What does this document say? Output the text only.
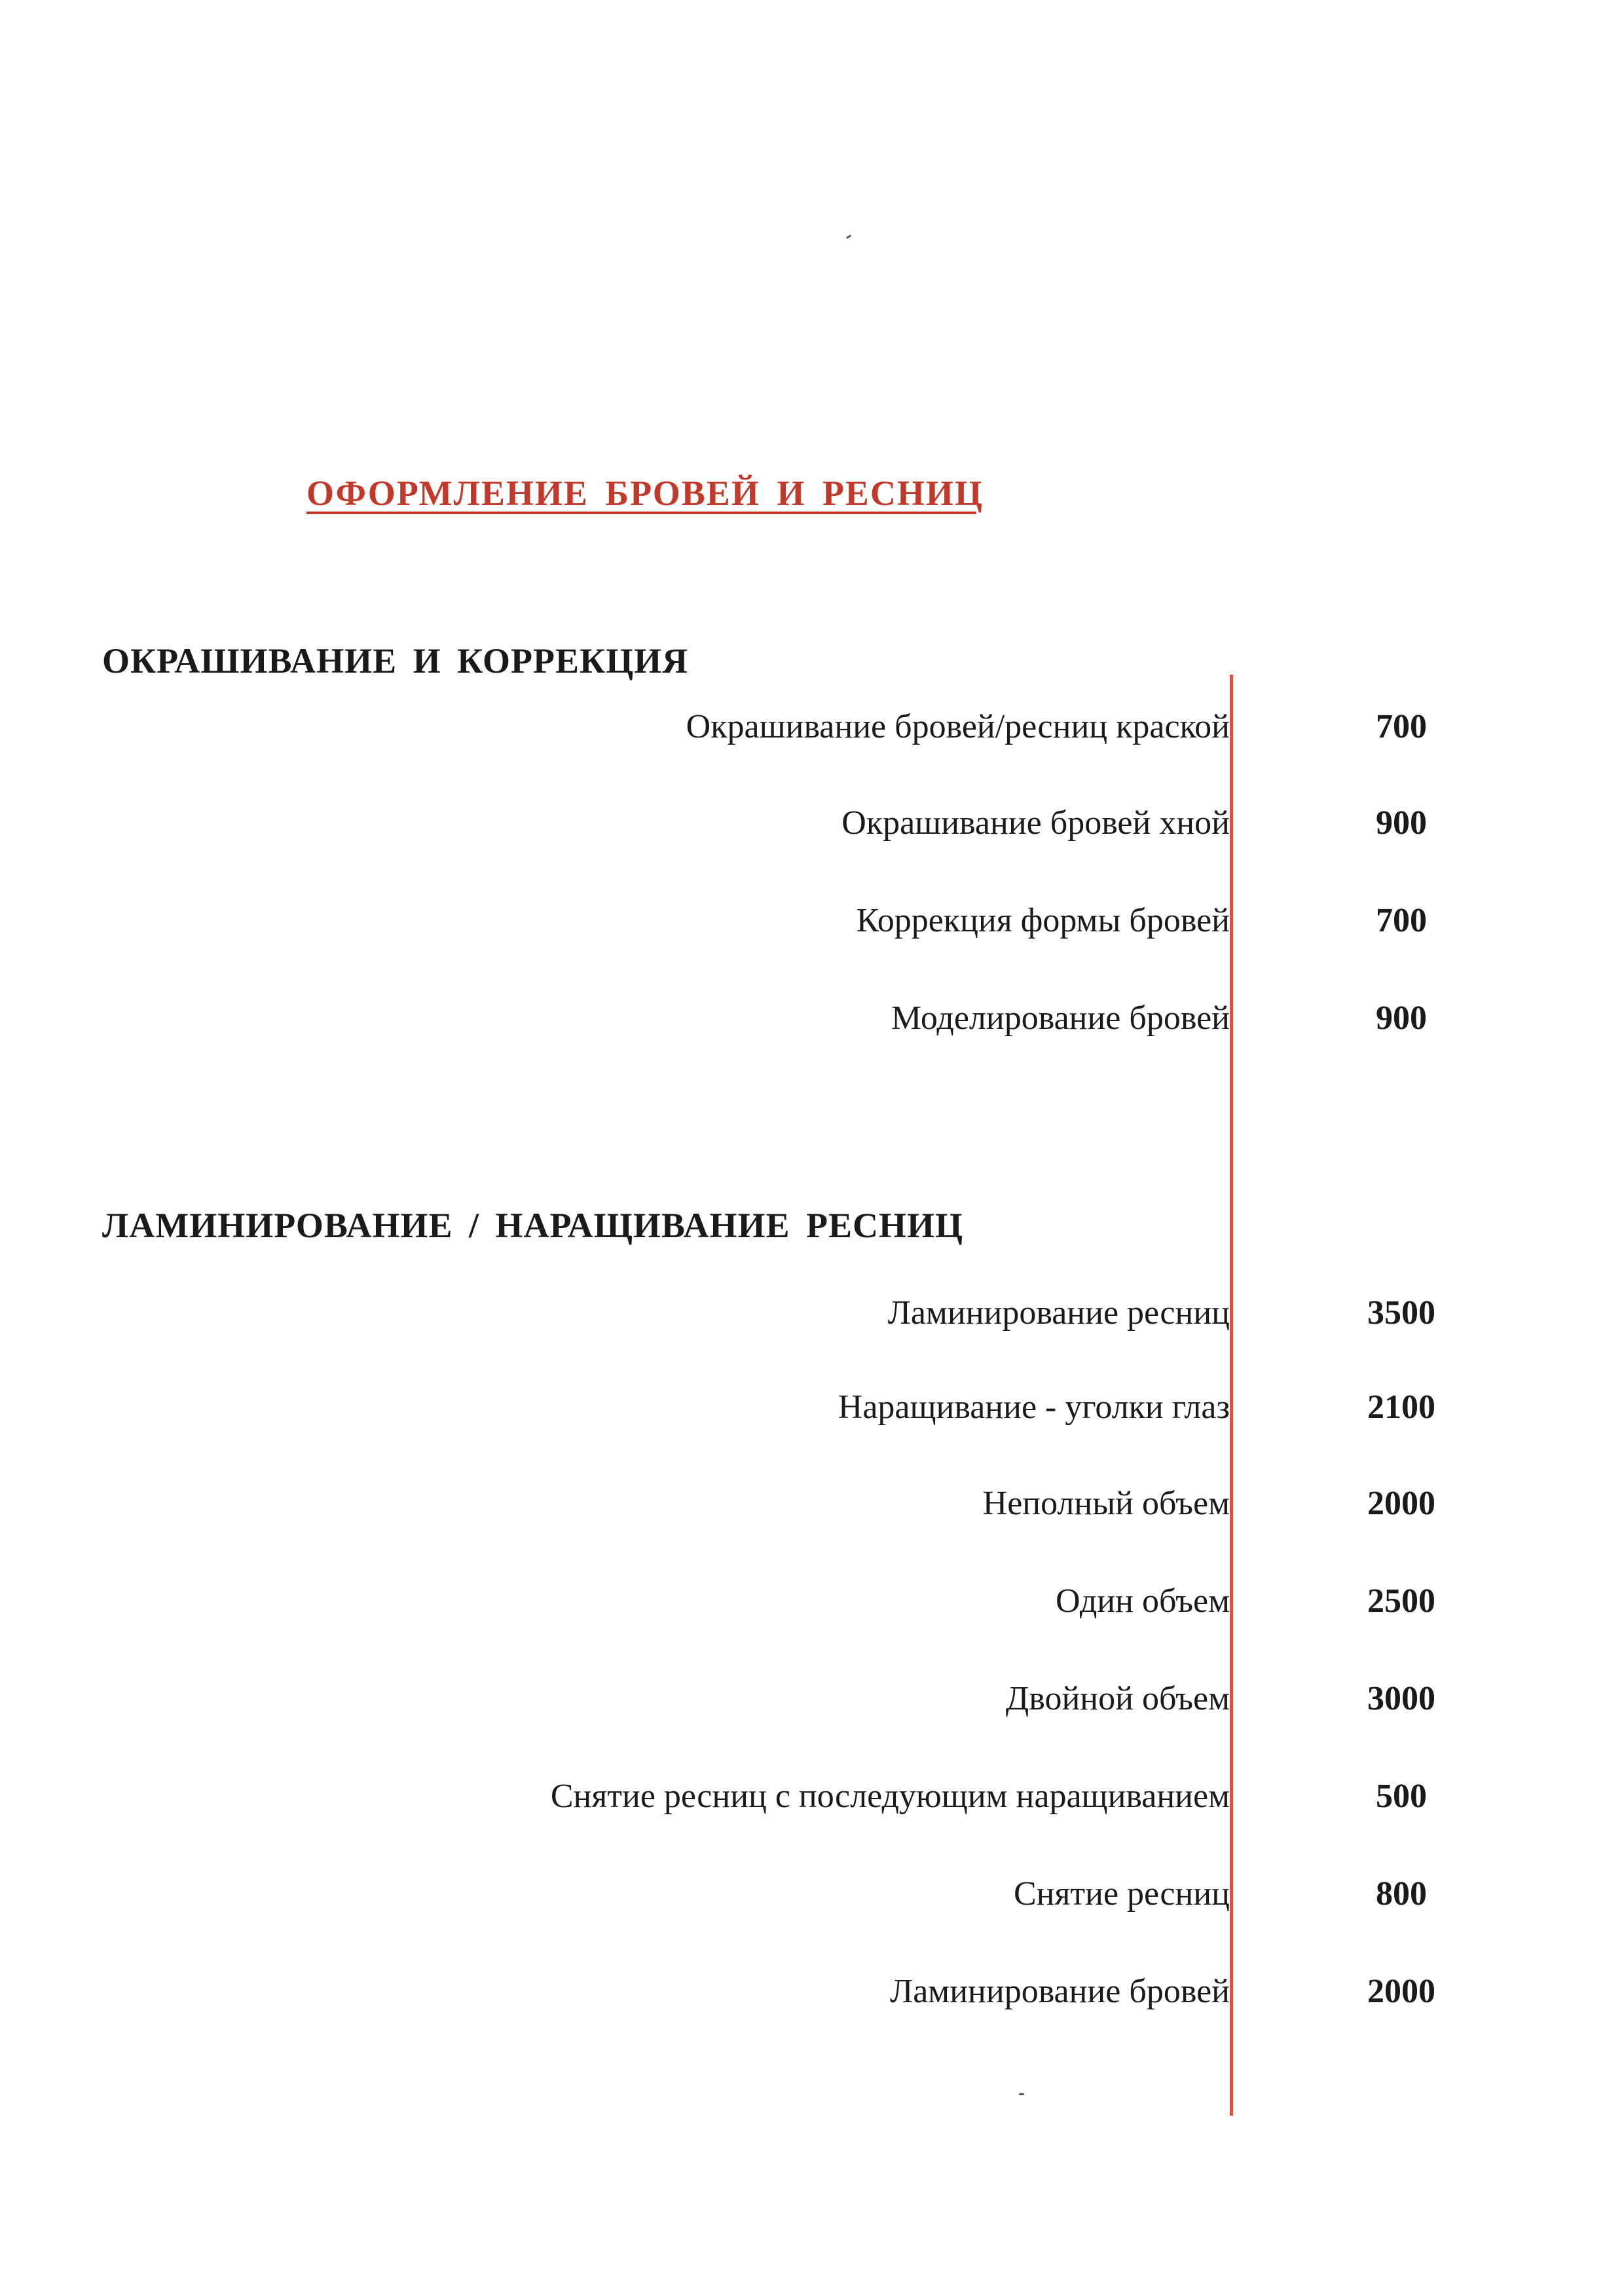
ОФОРМЛЕНИЕ БРОВЕЙ И РЕСНИЦ
ОКРАШИВАНИЕ И КОРРЕКЦИЯ
ЛАМИНИРОВАНИЕ / НАРАЩИВАНИЕ РЕСНИЦ
Окрашивание бровей/ресниц краской	700
Окрашивание бровей хной	900
Коррекция формы бровей	700
Моделирование бровей	900
Ламинирование ресниц	3500
Наращивание - уголки глаз	2100
Неполный объем	2000
Один объем	2500
Двойной объем	3000
Снятие ресниц с последующим наращиванием	500
Снятие ресниц	800
Ламинирование бровей	2000
